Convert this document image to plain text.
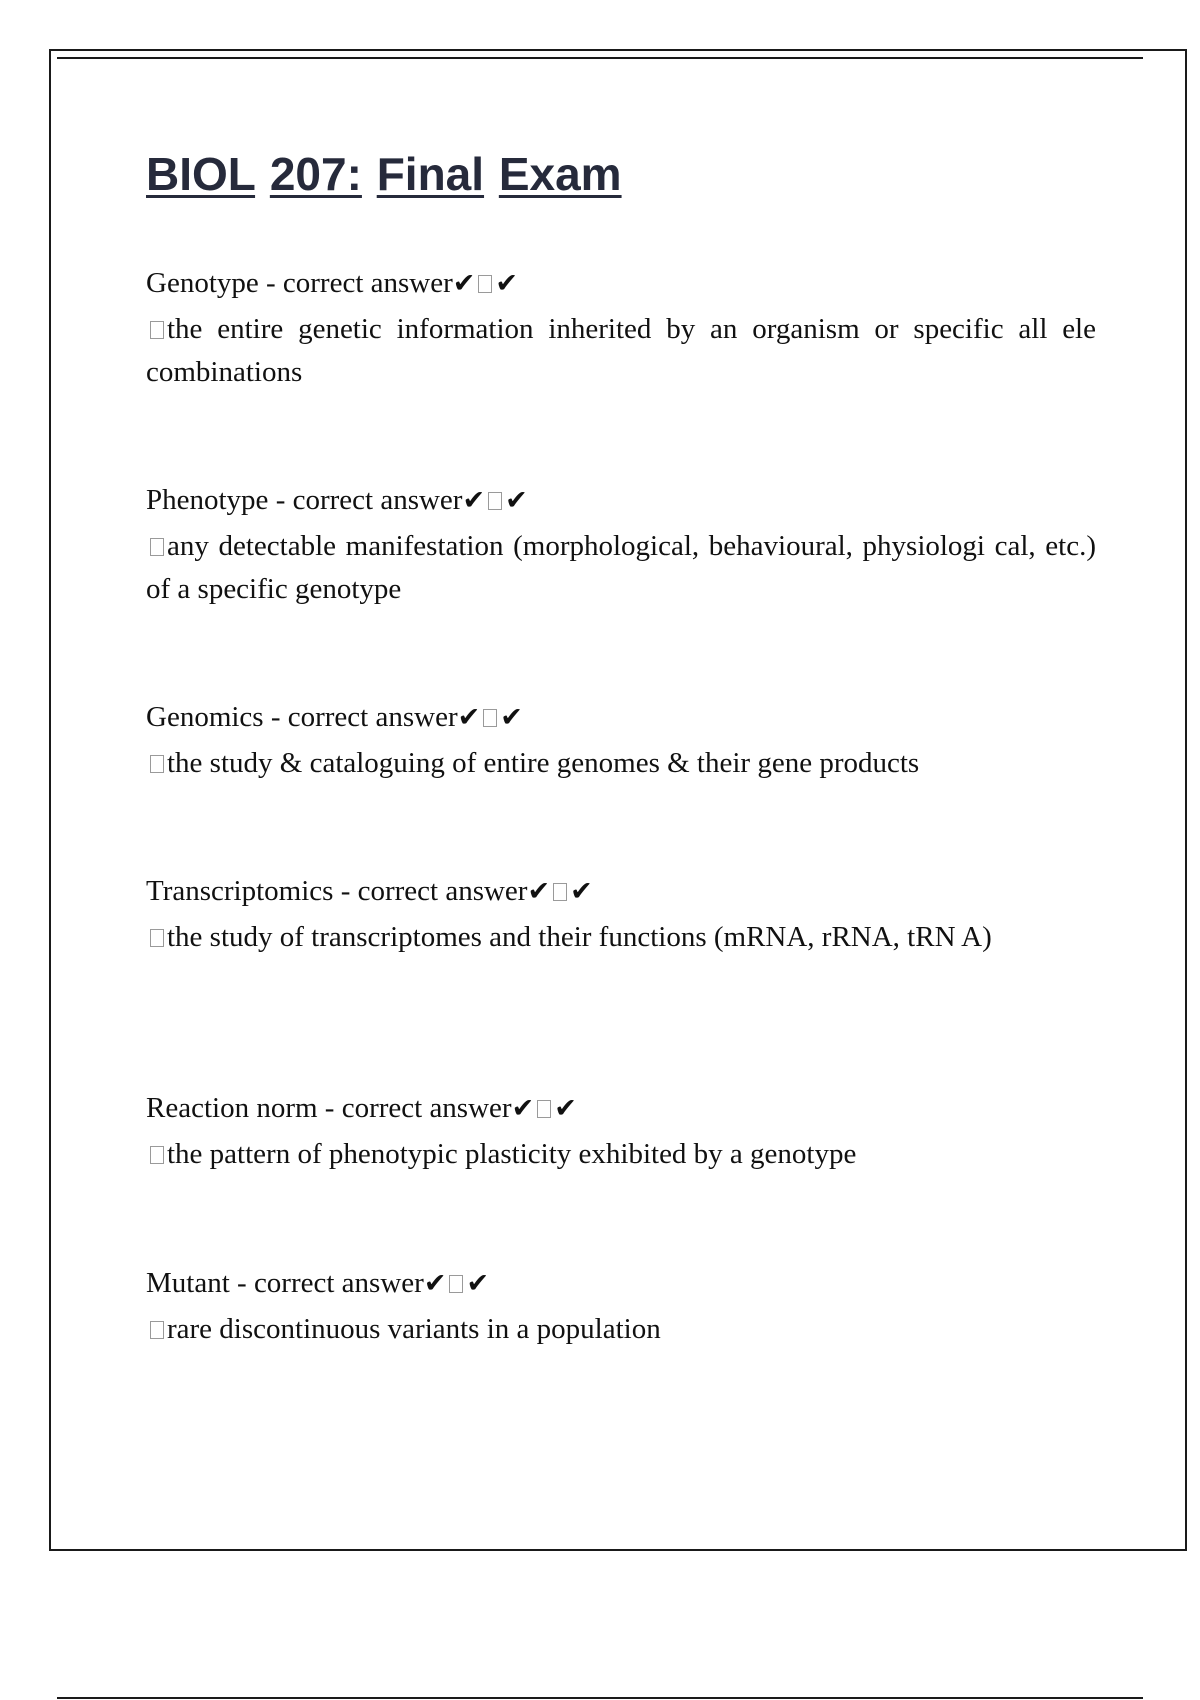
BIOL 207: Final Exam
Genotype - correct answer✔ ✔
the entire genetic information inherited by an organism or specific all ele combinations
Phenotype - correct answer✔ ✔
any detectable manifestation (morphological, behavioural, physiologi cal, etc.) of a specific genotype
Genomics - correct answer✔ ✔
the study & cataloguing of entire genomes & their gene products
Transcriptomics - correct answer✔ ✔
the study of transcriptomes and their functions (mRNA, rRNA, tRN A)
Reaction norm - correct answer✔ ✔
the pattern of phenotypic plasticity exhibited by a genotype
Mutant - correct answer✔ ✔
rare discontinuous variants in a population
